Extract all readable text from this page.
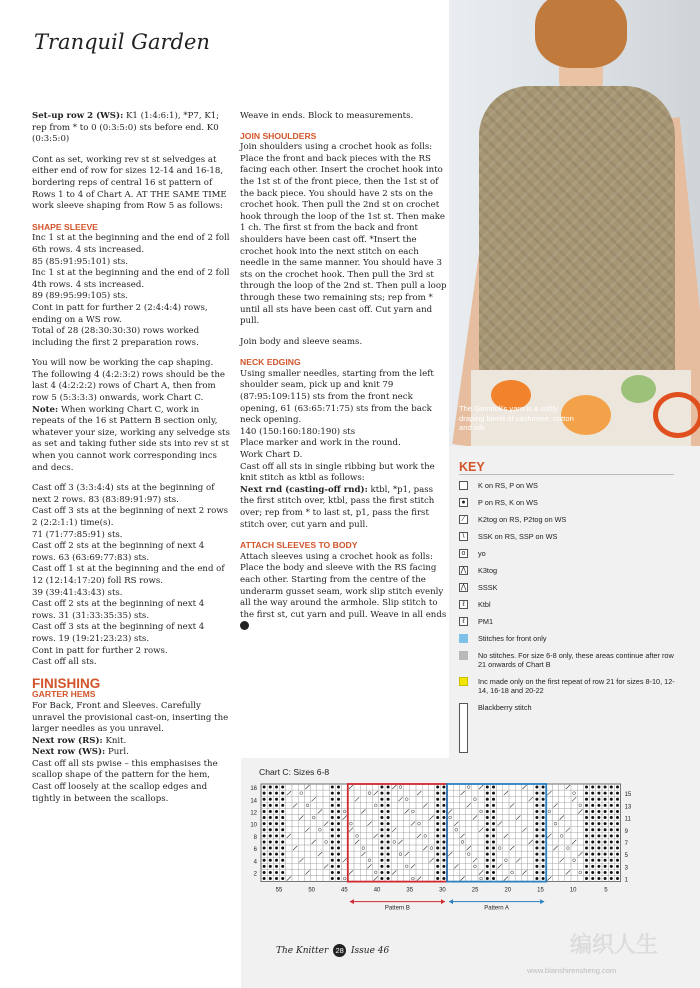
Tranquil Garden

Set-up row 2 (WS): K1 (1:4:6:1), *P7, K1; rep from * to 0 (0:3:5:0) sts before end. K0 (0:3:5:0)

Cont as set, working rev st st selvedges at either end of row for sizes 12-14 and 16-18, bordering reps of central 16 st pattern of Rows 1 to 4 of Chart A. AT THE SAME TIME work sleeve shaping from Row 5 as follows:

SHAPE SLEEVE
Inc 1 st at the beginning and the end of 2 foll 6th rows. 4 sts increased.
85 (85:91:95:101) sts.
Inc 1 st at the beginning and the end of 2 foll 4th rows. 4 sts increased.
89 (89:95:99:105) sts.
Cont in patt for further 2 (2:4:4:4) rows, ending on a WS row.
Total of 28 (28:30:30:30) rows worked including the first 2 preparation rows.

You will now be working the cap shaping. The following 4 (4:2:3:2) rows should be the last 4 (4:2:2:2) rows of Chart A, then from row 5 (5:3:3:3) onwards, work Chart C.

Note: When working Chart C, work in repeats of the 16 st Pattern B section only, whatever your size, working any selvedge sts as set and taking futher side sts into rev st st when you cannot work corresponding incs and decs.

Cast off 3 (3:3:4:4) sts at the beginning of next 2 rows. 83 (83:89:91:97) sts.
Cast off 3 sts at the beginning of next 2 rows 2 (2:2:1:1) time(s).
71 (71:77:85:91) sts.
Cast off 2 sts at the beginning of next 4 rows. 63 (63:69:77:83) sts.
Cast off 1 st at the beginning and the end of 12 (12:14:17:20) foll RS rows.
39 (39:41:43:43) sts.
Cast off 2 sts at the beginning of next 4 rows. 31 (31:33:35:35) sts.
Cast off 3 sts at the beginning of next 4 rows. 19 (19:21:23:23) sts.
Cont in patt for further 2 rows.
Cast off all sts.
FINISHING
GARTER HEMS
For Back, Front and Sleeves. Carefully unravel the provisional cast-on, inserting the larger needles as you unravel.
Next row (RS): Knit.
Next row (WS): Purl.
Cast off all sts pwise – this emphasises the scallop shape of the pattern for the hem, Cast off loosely at the scallop edges and tightly in between the scallops.

Weave in ends. Block to measurements.

JOIN SHOULDERS

Join shoulders using a crochet hook as folls: Place the front and back pieces with the RS facing each other. Insert the crochet hook into the 1st st of the front piece, then the 1st st of the back piece. You should have 2 sts on the crochet hook. Then pull the 2nd st on crochet hook through the loop of the 1st st. Then make 1 ch. The first st from the back and front shoulders have been cast off. *Insert the crochet hook into the next stitch on each needle in the same manner. You should have 3 sts on the crochet hook. Then pull the 3rd st through the loop of the 2nd st. Then pull a loop through these two remaining sts; rep from * until all sts have been cast off. Cut yarn and pull.

Join body and sleeve seams.

NECK EDGING
Using smaller needles, starting from the left shoulder seam, pick up and knit 79 (87:95:109:115) sts from the front neck opening, 61 (63:65:71:75) sts from the back neck opening.
140 (150:160:180:190) sts
Place marker and work in the round.
Work Chart D.
Cast off all sts in single ribbing but work the knit stitch as ktbl as follows:

Next rnd (casting-off rnd): ktbl, *p1, pass the first stitch over, ktbl, pass the first stitch over; rep from * to last st, p1, pass the first stitch over, cut yarn and pull.

ATTACH SLEEVES TO BODY
Attach sleeves using a crochet hook as folls: Place the body and sleeve with the RS facing each other. Starting from the centre of the underarm gusset seam, work slip stitch evenly all the way around the armhole. Slip stitch to the first st, cut yarn and pull. Weave in all ends
The Gomitoli's yarn is a softly draping blend of cashmere, cotton and silk
KEY
K on RS, P on WS
●	P on RS, K on WS
⁄	K2tog on RS, P2tog on WS
\	SSK on RS, SSP on WS
o	yo
⋀ K3tog
⋀ SSSK
ℓ	Ktbl
ℓ	PM1
Stitches for front only
No stitches. For size 6-8 only, these areas continue after row 21 onwards of Chart B
Inc made only on the first repeat of row 21 for sizes 8-10, 12-14, 16-18 and 20-22
Blackberry stitch
Chart C: Sizes 6-8
16
14
12
10
8
6
4
2
15
13
11
9
7
5
3
1
55	50	45	40	35	30	25	20	15	10	5
Pattern B	Pattern A
The Knitter 28 Issue 46	编织人生
www.blanshirensheng.com
